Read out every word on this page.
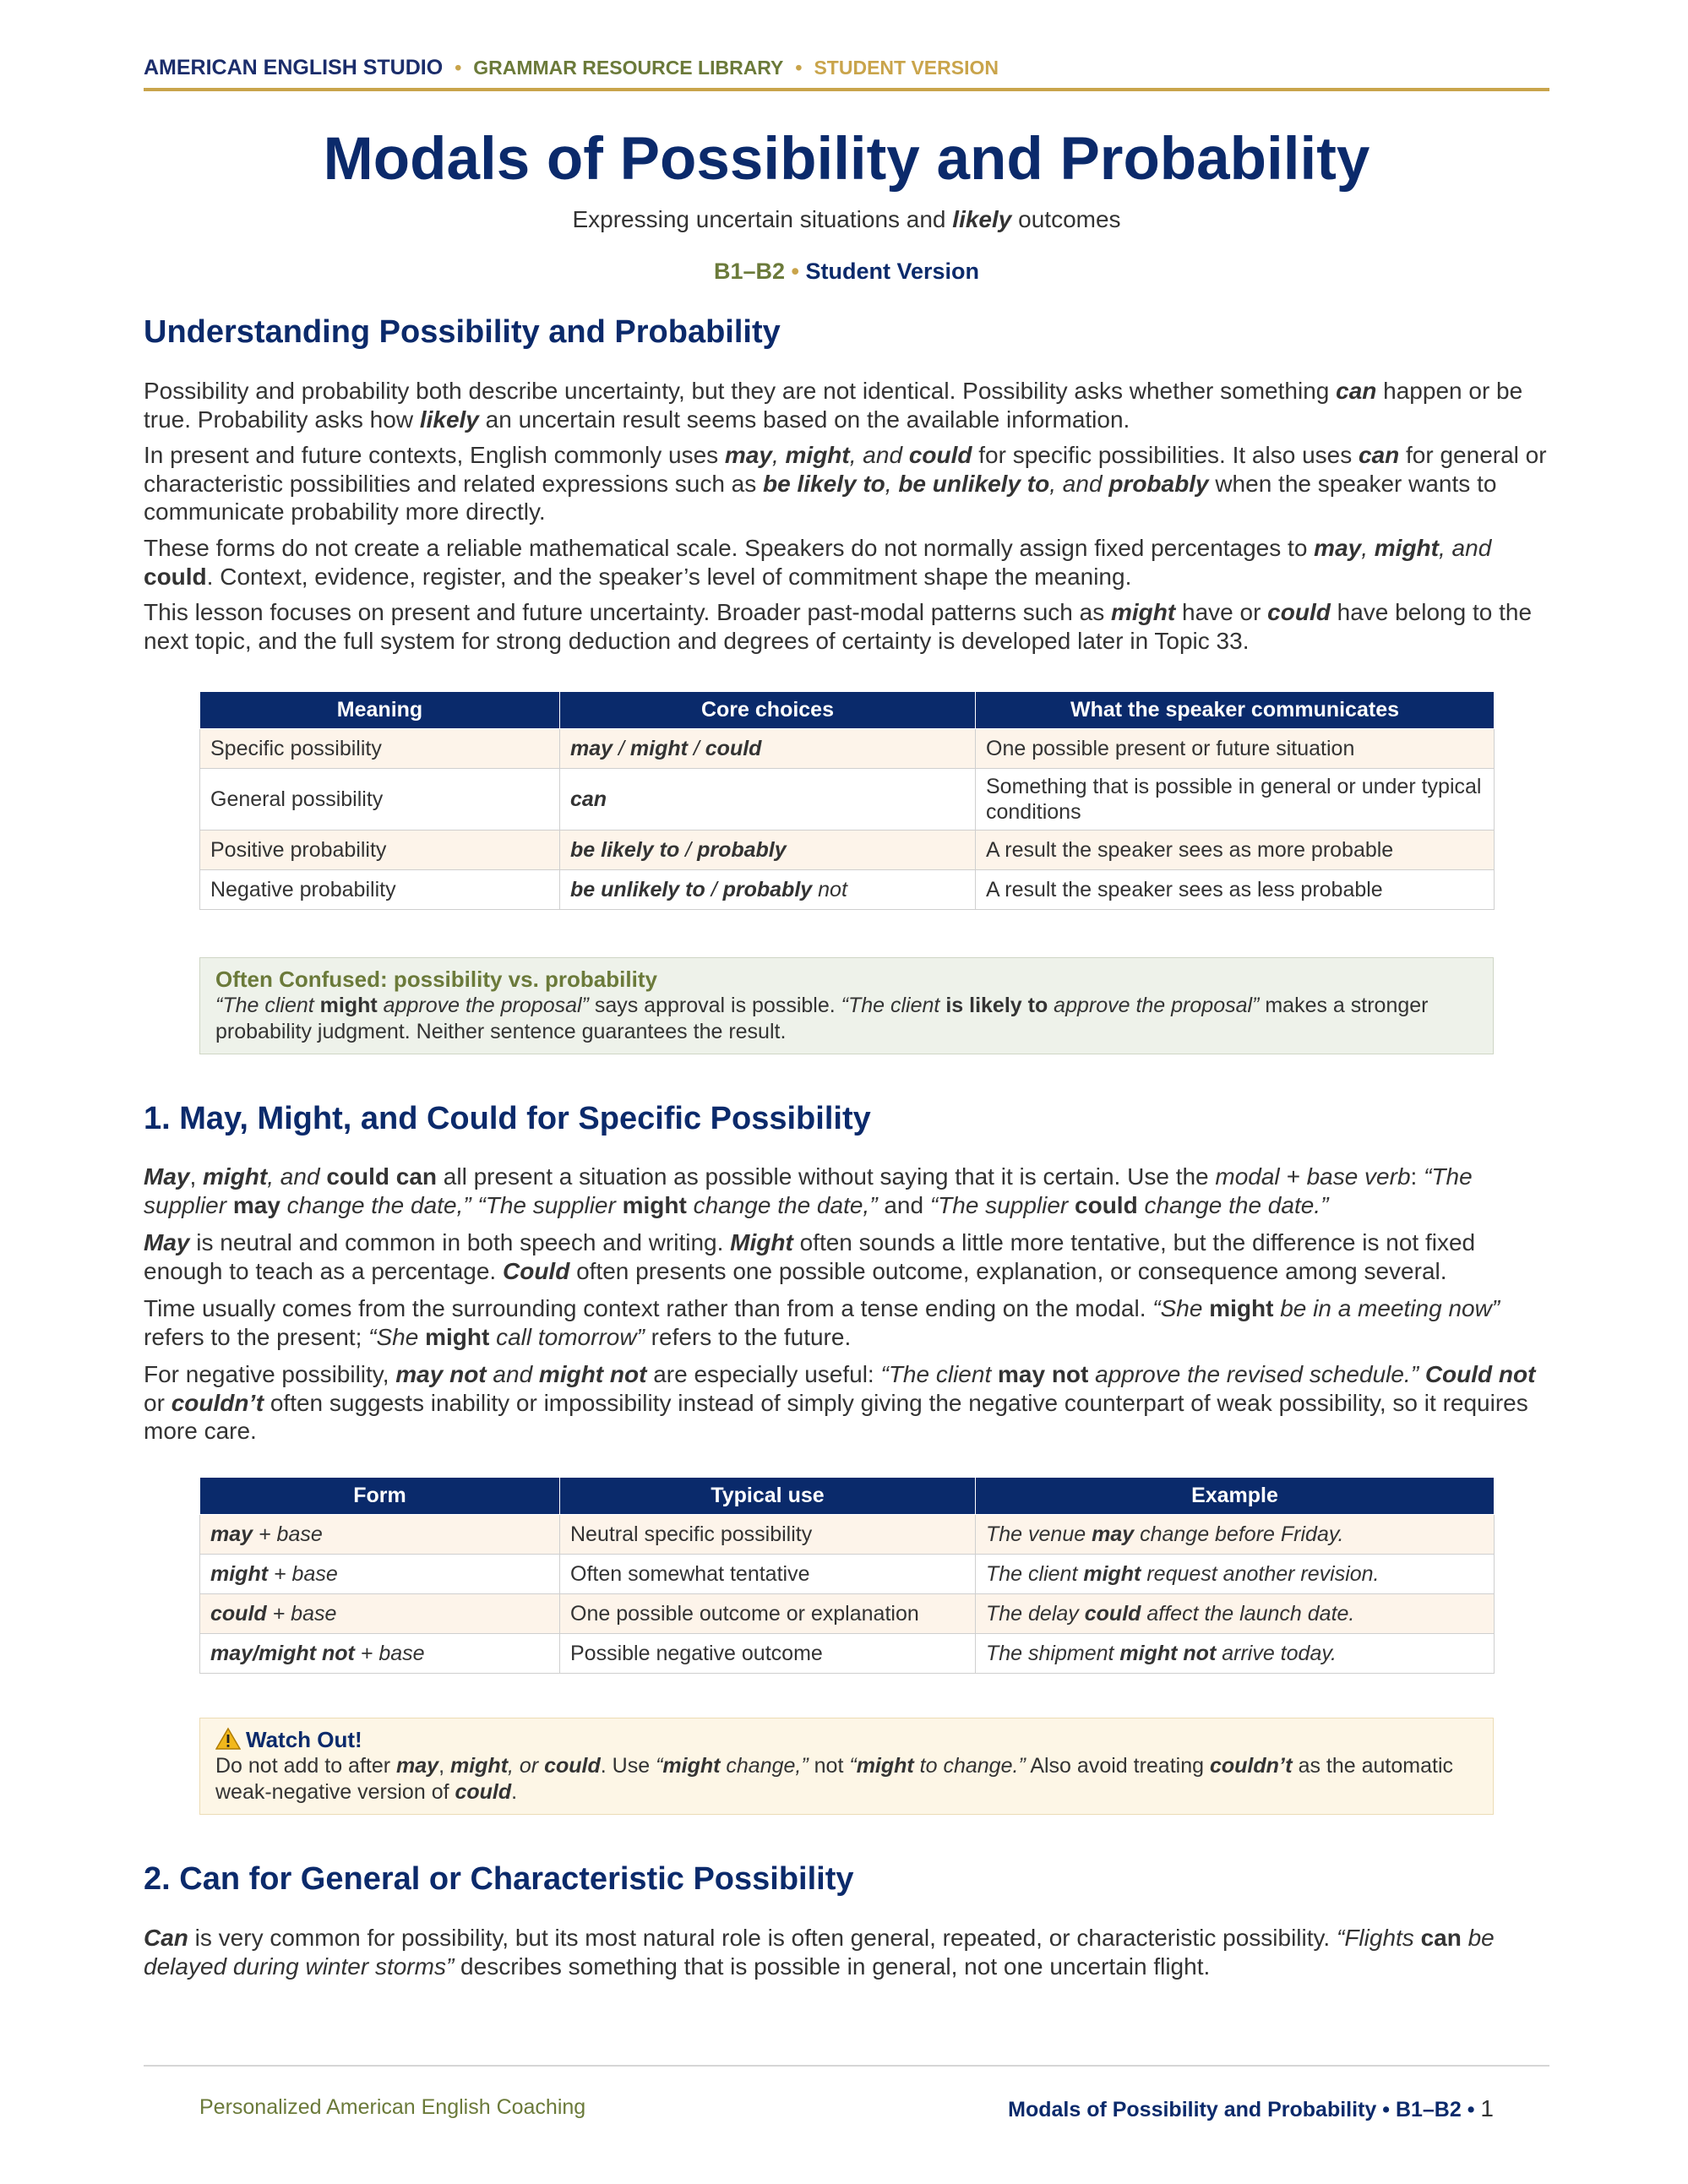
AMERICAN ENGLISH STUDIO • GRAMMAR RESOURCE LIBRARY • STUDENT VERSION
Modals of Possibility and Probability
Expressing uncertain situations and likely outcomes
B1–B2 • Student Version
Understanding Possibility and Probability

Possibility and probability both describe uncertainty, but they are not identical. Possibility asks whether something can happen or be true. Probability asks how likely an uncertain result seems based on the available information.

In present and future contexts, English commonly uses may, might, and could for specific possibilities. It also uses can for general or characteristic possibilities and related expressions such as be likely to, be unlikely to, and probably when the speaker wants to communicate probability more directly.

These forms do not create a reliable mathematical scale. Speakers do not normally assign fixed percentages to may, might, and could. Context, evidence, register, and the speaker’s level of commitment shape the meaning.

This lesson focuses on present and future uncertainty. Broader past-modal patterns such as might have or could have belong to the next topic, and the full system for strong deduction and degrees of certainty is developed later in Topic 33.

Meaning	Core choices	What the speaker communicates
Specific possibility	may / might / could	One possible present or future situation
General possibility	can	Something that is possible in general or under typical conditions
Positive probability	be likely to / probably	A result the speaker sees as more probable
Negative probability	be unlikely to / probably not	A result the speaker sees as less probable
Often Confused: possibility vs. probability
“The client might approve the proposal” says approval is possible. “The client is likely to approve the proposal” makes a stronger probability judgment. Neither sentence guarantees the result.
1. May, Might, and Could for Specific Possibility

May, might, and could can all present a situation as possible without saying that it is certain. Use the modal + base verb: “The supplier may change the date,” “The supplier might change the date,” and “The supplier could change the date.”

May is neutral and common in both speech and writing. Might often sounds a little more tentative, but the difference is not fixed enough to teach as a percentage. Could often presents one possible outcome, explanation, or consequence among several.

Time usually comes from the surrounding context rather than from a tense ending on the modal. “She might be in a meeting now” refers to the present; “She might call tomorrow” refers to the future.

For negative possibility, may not and might not are especially useful: “The client may not approve the revised schedule.” Could not or couldn’t often suggests inability or impossibility instead of simply giving the negative counterpart of weak possibility, so it requires more care.

Form	Typical use	Example
may + base	Neutral specific possibility	The venue may change before Friday.
might + base	Often somewhat tentative	The client might request another revision.
could + base	One possible outcome or explanation	The delay could affect the launch date.
may/might not + base	Possible negative outcome	The shipment might not arrive today.
Watch Out!
Do not add to after may, might, or could. Use “might change,” not “might to change.” Also avoid treating couldn’t as the automatic weak-negative version of could.
2. Can for General or Characteristic Possibility

Can is very common for possibility, but its most natural role is often general, repeated, or characteristic possibility. “Flights can be delayed during winter storms” describes something that is possible in general, not one uncertain flight.

Personalized American English Coaching	Modals of Possibility and Probability • B1–B2 • 1
